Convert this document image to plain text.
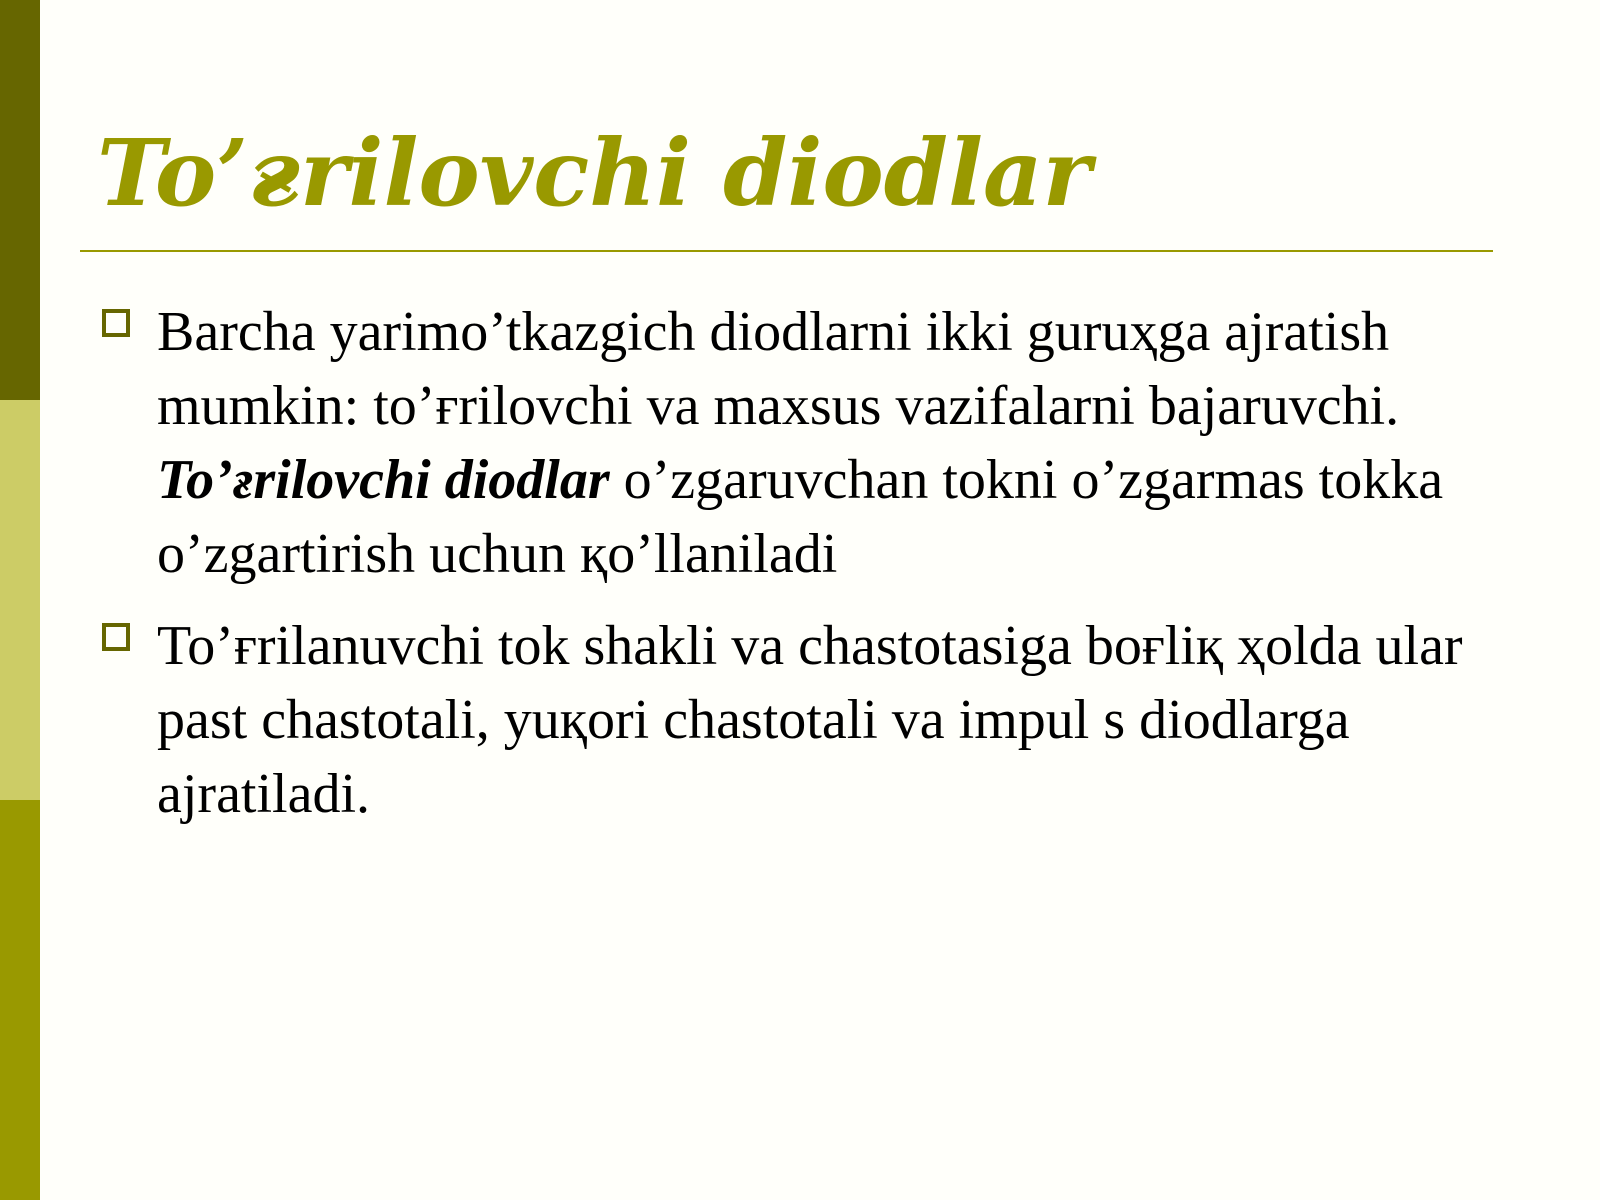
To’ғrilovchi diodlar
Barcha yarimo’tkazgich diodlarni ikki guruҳga ajratish mumkin: to’ғrilovchi va maxsus vazifalarni bajaruvchi. To’ғrilovchi diodlar o’zgaruvchan tokni o’zgarmas tokka o’zgartirish uchun қo’llaniladi
To’ғrilanuvchi tok shakli va chastotasiga boғliқ ҳolda ular past chastotali, yuқori chastotali va impul s diodlarga ajratiladi.
